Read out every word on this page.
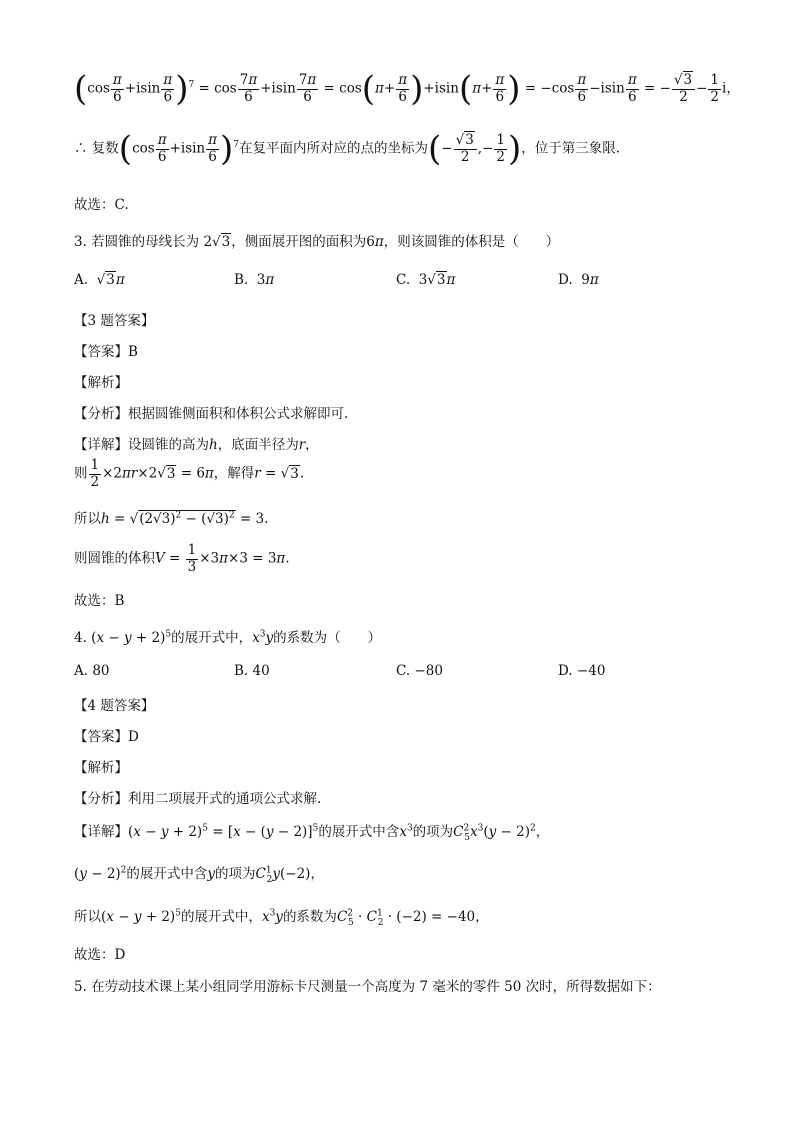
$(\cos \frac{\pi}{6} +isin \frac{\pi}{6} )^7 = \cos \frac{7\pi}{6} +isin \frac{7\pi}{6} = \cos(\pi+ \frac{\pi}{6} )+isin(\pi+ \frac{\pi}{6}$ ) = $-\cos \frac{\pi}{6} -isin \frac{\pi}{6}$ = − $\frac{√3}{2} - \frac{1}{2}$ i，
∴ 复数$(\cos \frac{\pi}{6} +isin \frac{\pi}{6} )^7$在复平面内所对应的点的坐标为(− $\frac{√3}{2}$ ,− $\frac{1}{2}$ )，位于第三象限.
故选：C.
3. 若圆锥的母线长为 2√3，侧面展开图的面积为6π，则该圆锥的体积是（　　）
A.  √3π	B.  3π	C.  3√3π	D.  9π
【3 题答案】
【答案】B
【解析】
【分析】根据圆锥侧面积和体积公式求解即可.
【详解】设圆锥的高为h，底面半径为r，
则 $\frac{1}{2} \times 2\pi r\times 2√3 = 6\pi$，解得r = √3.
所以$h = √(2√3)^2 - (√3)^2 = 3$.
则圆锥的体积$V = \frac{1}{3} \times 3\pi\times 3 = 3\pi$.
故选：B
4. $(x - y + 2)^5$的展开式中，$x^3y$的系数为（　　）
A. 80	B. 40	C. −80	D. −40
【4 题答案】
【答案】D
【解析】
【分析】利用二项展开式的通项公式求解.
【详解】$(x - y + 2)^5 = [x - (y - 2)]^5$的展开式中含$x^3$的项为$C^2_5x^3(y - 2)^2$，
$(y - 2)^2$的展开式中含y的项为$C^1_2y(-2)$，
所以$(x - y + 2)^5$的展开式中，$x^3y$的系数为$C^2_5 \cdot C^1_2 \cdot (-2) = -40$，
故选：D
5. 在劳动技术课上某小组同学用游标卡尺测量一个高度为 7 毫米的零件 50 次时，所得数据如下：
